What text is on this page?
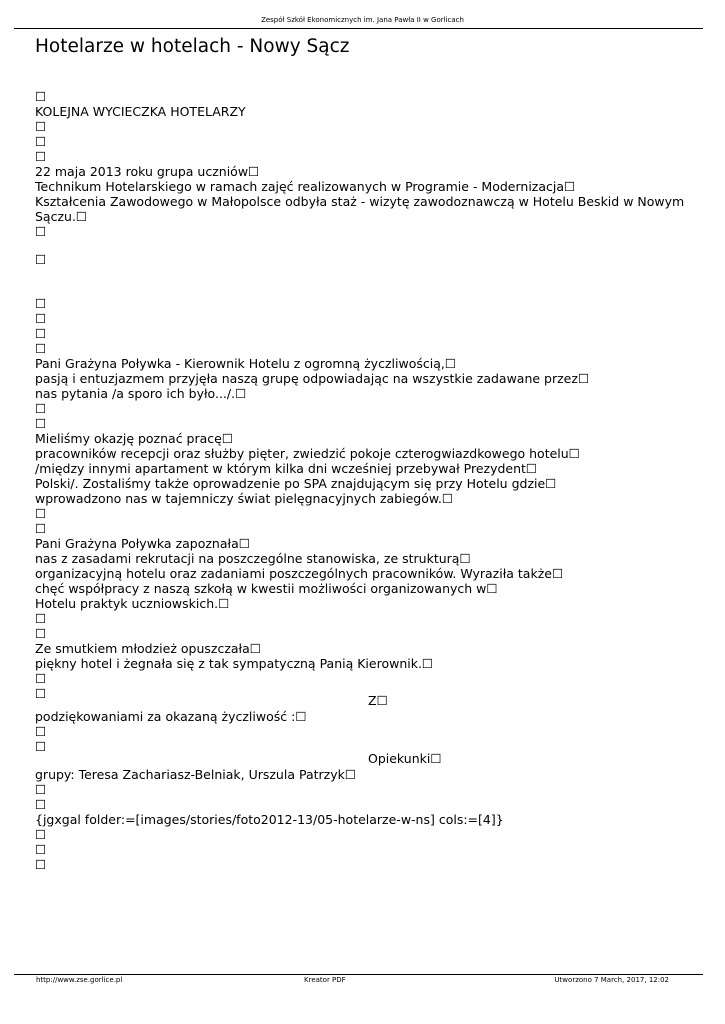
Zespół Szkół Ekonomicznych im. Jana Pawła II w Gorlicach
Hotelarze w hotelach - Nowy Sącz
☐
KOLEJNA WYCIECZKA HOTELARZY
☐
☐
☐
22 maja 2013 roku grupa uczniów☐
Technikum Hotelarskiego w ramach zajęć realizowanych w Programie - Modernizacja☐
Kształcenia Zawodowego w Małopolsce odbyła staż - wizytę zawodoznawczą w Hotelu Beskid w Nowym
Sączu.☐
☐
☐
☐
☐
☐
☐
Pani Grażyna Poływka - Kierownik Hotelu z ogromną życzliwością,☐
pasją i entuzjazmem przyjęła naszą grupę odpowiadając na wszystkie zadawane przez☐
nas pytania /a sporo ich było.../.☐
☐
☐
Mieliśmy okazję poznać pracę☐
pracowników recepcji oraz służby pięter, zwiedzić pokoje czterogwiazdkowego hotelu☐
/między innymi apartament w którym kilka dni wcześniej przebywał Prezydent☐
Polski/. Zostaliśmy także oprowadzenie po SPA znajdującym się przy Hotelu gdzie☐
wprowadzono nas w tajemniczy świat pielęgnacyjnych zabiegów.☐
☐
☐
Pani Grażyna Poływka zapoznała☐
nas z zasadami rekrutacji na poszczególne stanowiska, ze strukturą☐
organizacyjną hotelu oraz zadaniami poszczególnych pracowników. Wyraziła także☐
chęć współpracy z naszą szkołą w kwestii możliwości organizowanych w☐
Hotelu praktyk uczniowskich.☐
☐
☐
Ze smutkiem młodzież opuszczała☐
piękny hotel i żegnała się z tak sympatyczną Panią Kierownik.☐
☐
☐	Z☐
podziękowaniami za okazaną życzliwość :☐
☐
☐
Opiekunki☐
grupy: Teresa Zachariasz-Belniak, Urszula Patrzyk☐
☐
☐
{jgxgal folder:=[images/stories/foto2012-13/05-hotelarze-w-ns] cols:=[4]}
☐
☐
☐
http://www.zse.gorlice.pl	Kreator PDF	Utworzono 7 March, 2017, 12:02
